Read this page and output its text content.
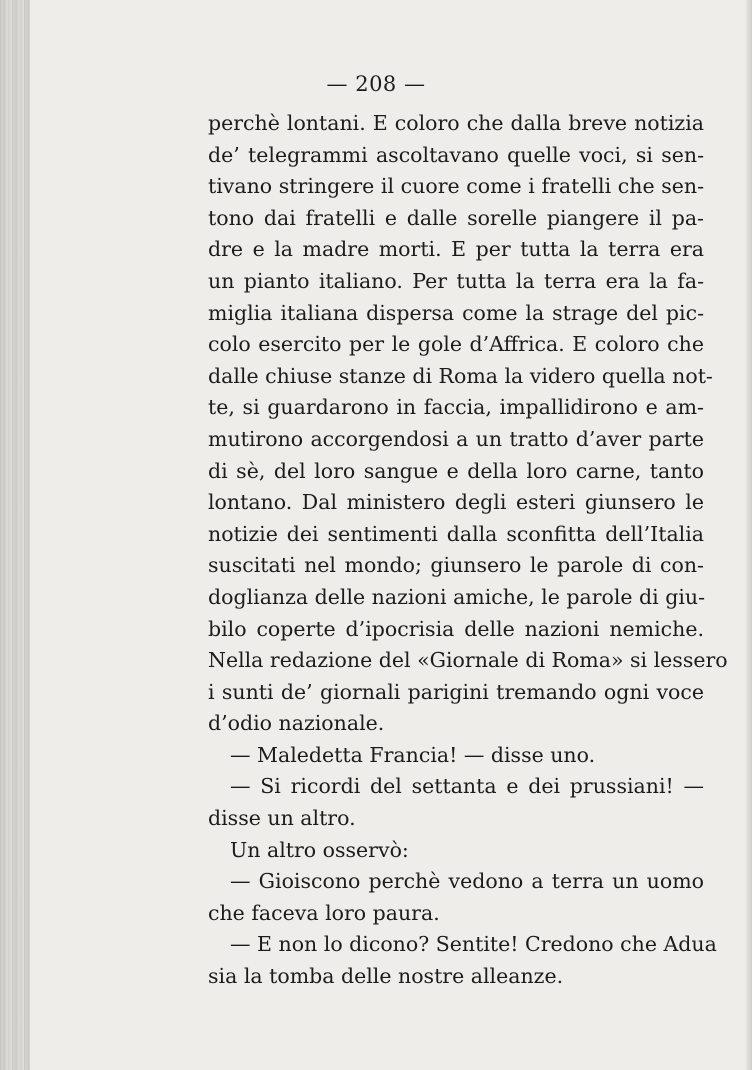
— 208 —
perchè lontani. E coloro che dalla breve notizia
de’ telegrammi ascoltavano quelle voci, si sen-
tivano stringere il cuore come i fratelli che sen-
tono dai fratelli e dalle sorelle piangere il pa-
dre e la madre morti. E per tutta la terra era
un pianto italiano. Per tutta la terra era la fa-
miglia italiana dispersa come la strage del pic-
colo esercito per le gole d’Affrica. E coloro che
dalle chiuse stanze di Roma la videro quella not-
te, si guardarono in faccia, impallidirono e am-
mutirono accorgendosi a un tratto d’aver parte
di sè, del loro sangue e della loro carne, tanto
lontano. Dal ministero degli esteri giunsero le
notizie dei sentimenti dalla sconfitta dell’Italia
suscitati nel mondo; giunsero le parole di con-
doglianza delle nazioni amiche, le parole di giu-
bilo coperte d’ipocrisia delle nazioni nemiche.
Nella redazione del «Giornale di Roma» si lessero
i sunti de’ giornali parigini tremando ogni voce
d’odio nazionale.
— Maledetta Francia! — disse uno.
— Si ricordi del settanta e dei prussiani! —
disse un altro.
Un altro osservò:
— Gioiscono perchè vedono a terra un uomo
che faceva loro paura.
— E non lo dicono? Sentite! Credono che Adua
sia la tomba delle nostre alleanze.
